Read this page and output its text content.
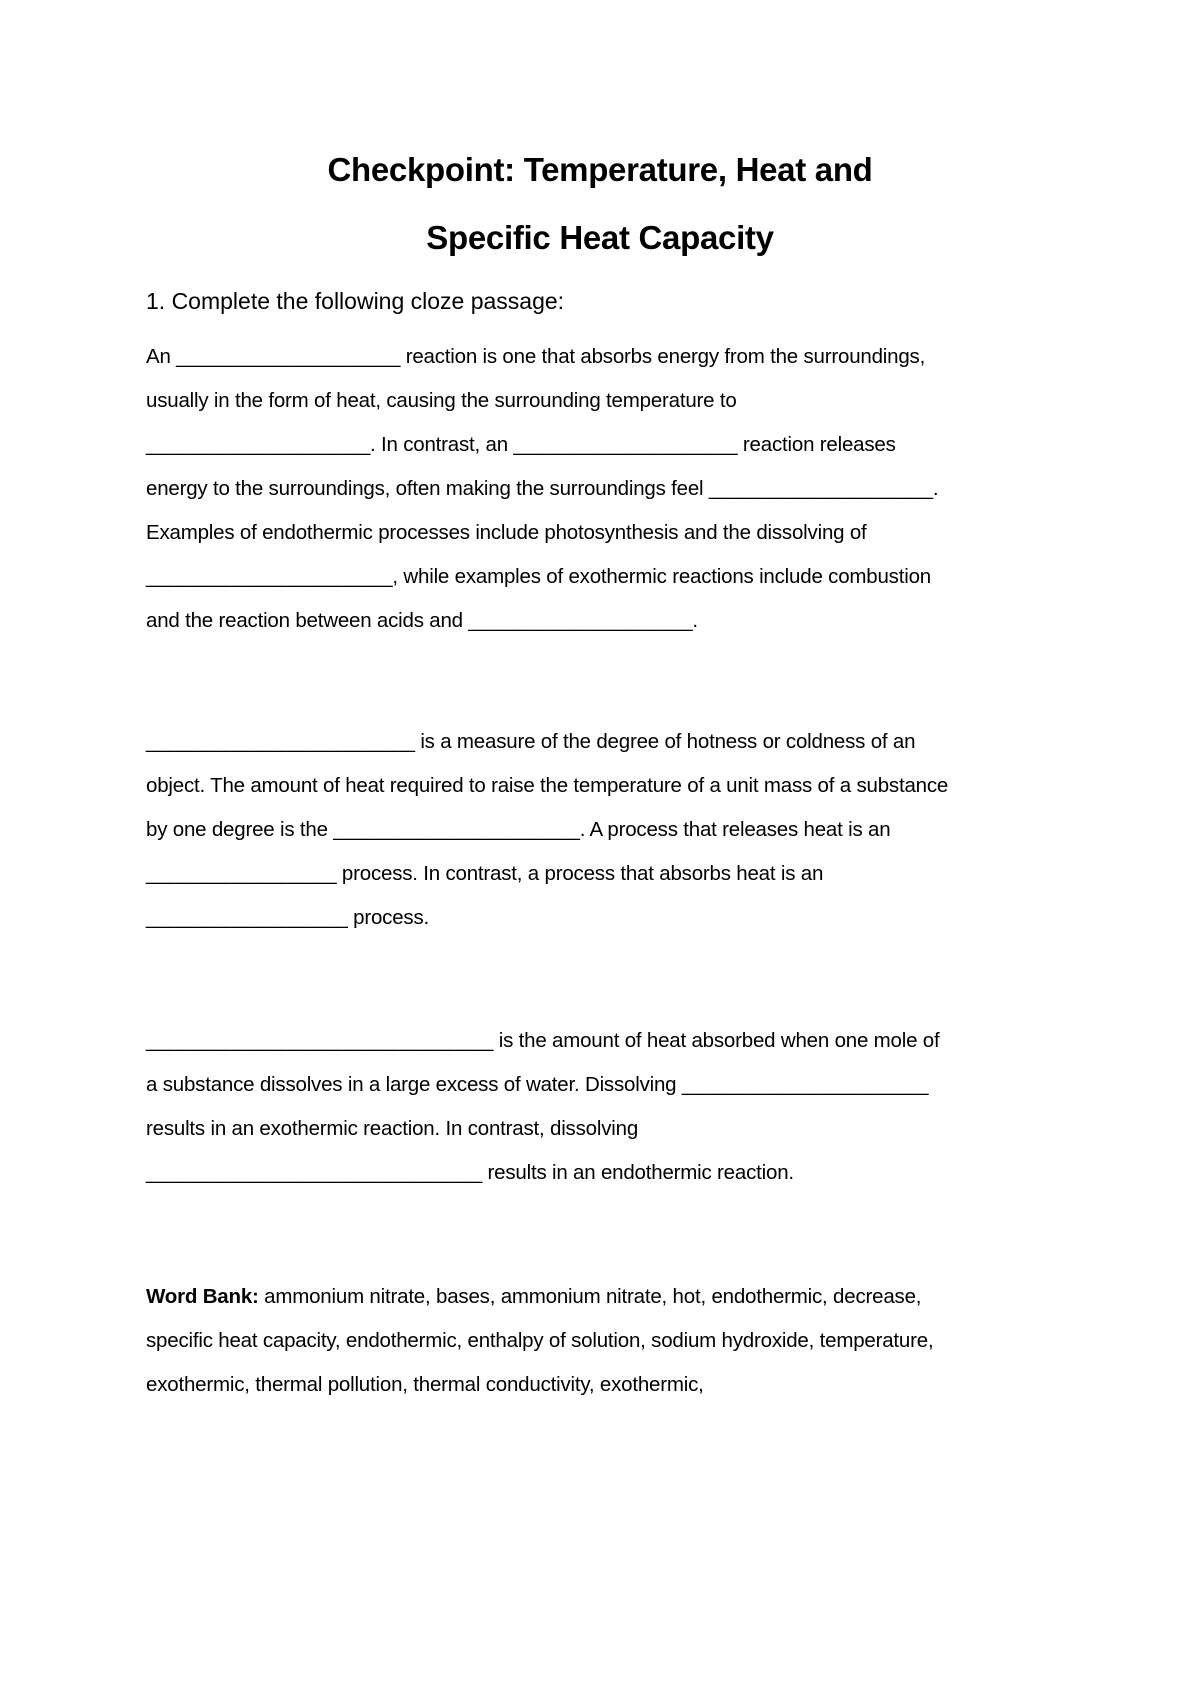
Checkpoint: Temperature, Heat and
Specific Heat Capacity
1. Complete the following cloze passage:
An ____________________ reaction is one that absorbs energy from the surroundings,
usually in the form of heat, causing the surrounding temperature to
____________________. In contrast, an ____________________ reaction releases
energy to the surroundings, often making the surroundings feel ____________________.
Examples of endothermic processes include photosynthesis and the dissolving of
______________________, while examples of exothermic reactions include combustion
and the reaction between acids and ____________________.
________________________ is a measure of the degree of hotness or coldness of an
object. The amount of heat required to raise the temperature of a unit mass of a substance
by one degree is the ______________________. A process that releases heat is an
_________________ process. In contrast, a process that absorbs heat is an
__________________ process.
_______________________________ is the amount of heat absorbed when one mole of
a substance dissolves in a large excess of water. Dissolving ______________________
results in an exothermic reaction. In contrast, dissolving
______________________________ results in an endothermic reaction.
Word Bank: ammonium nitrate, bases, ammonium nitrate, hot, endothermic, decrease,
specific heat capacity, endothermic, enthalpy of solution, sodium hydroxide, temperature,
exothermic, thermal pollution, thermal conductivity, exothermic,
